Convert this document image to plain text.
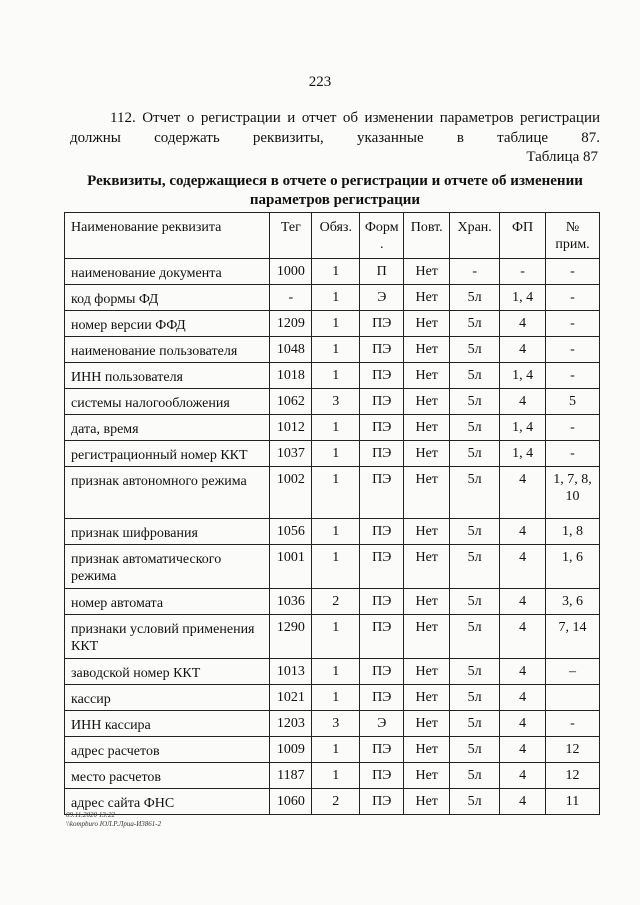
223
112. Отчет о регистрации и отчет об изменении параметров регистрации должны содержать реквизиты, указанные в таблице 87.
Таблица 87
Реквизиты, содержащиеся в отчете о регистрации и отчете об изменении параметров регистрации
Наименование реквизита	Тег	Обяз.	Форм .	Повт.	Хран.	ФП	№ прим.
наименование документа	1000	1	П	Нет	-	-	-
код формы ФД	-	1	Э	Нет	5л	1, 4	-
номер версии ФФД	1209	1	ПЭ	Нет	5л	4	-
наименование пользователя	1048	1	ПЭ	Нет	5л	4	-
ИНН пользователя	1018	1	ПЭ	Нет	5л	1, 4	-
системы налогообложения	1062	3	ПЭ	Нет	5л	4	5
дата, время	1012	1	ПЭ	Нет	5л	1, 4	-
регистрационный номер ККТ	1037	1	ПЭ	Нет	5л	1, 4	-
признак автономного режима	1002	1	ПЭ	Нет	5л	4	1, 7, 8, 10
признак шифрования	1056	1	ПЭ	Нет	5л	4	1, 8
признак автоматического режима	1001	1	ПЭ	Нет	5л	4	1, 6
номер автомата	1036	2	ПЭ	Нет	5л	4	3, 6
признаки условий применения ККТ	1290	1	ПЭ	Нет	5л	4	7, 14
заводской номер ККТ	1013	1	ПЭ	Нет	5л	4	–
кассир	1021	1	ПЭ	Нет	5л	4	
ИНН кассира	1203	3	Э	Нет	5л	4	-
адрес расчетов	1009	1	ПЭ	Нет	5л	4	12
место расчетов	1187	1	ПЭ	Нет	5л	4	12
адрес сайта ФНС	1060	2	ПЭ	Нет	5л	4	11
09.11.2020 13:22
\\kompburo ЮЛ.Р.Лриа-И3861-2
